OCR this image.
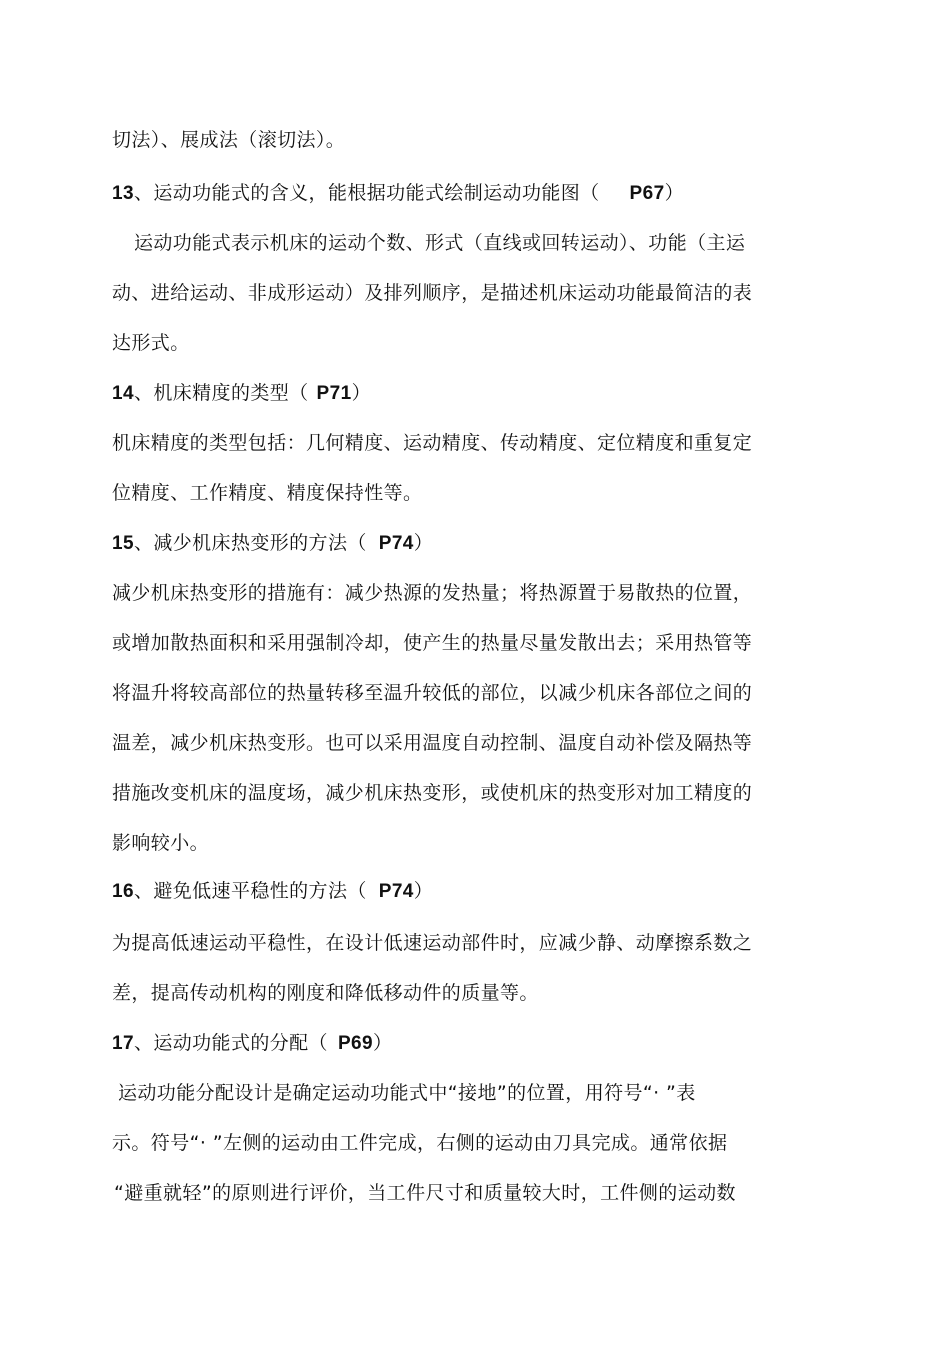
切法）、展成法（滚切法）。
13、运动功能式的含义，能根据功能式绘制运动功能图（ P67）
运动功能式表示机床的运动个数、形式（直线或回转运动）、功能（主运
动、进给运动、非成形运动）及排列顺序，是描述机床运动功能最简洁的表
达形式。
14、机床精度的类型（ P71）
机床精度的类型包括：几何精度、运动精度、传动精度、定位精度和重复定
位精度、工作精度、精度保持性等。
15、减少机床热变形的方法（ P74）
减少机床热变形的措施有：减少热源的发热量；将热源置于易散热的位置，
或增加散热面积和采用强制冷却，使产生的热量尽量发散出去；采用热管等
将温升将较高部位的热量转移至温升较低的部位，以减少机床各部位之间的
温差，减少机床热变形。也可以采用温度自动控制、温度自动补偿及隔热等
措施改变机床的温度场，减少机床热变形，或使机床的热变形对加工精度的
影响较小。
16、避免低速平稳性的方法（ P74）
为提高低速运动平稳性，在设计低速运动部件时，应减少静、动摩擦系数之
差，提高传动机构的刚度和降低移动件的质量等。
17、运动功能式的分配（ P69）
运动功能分配设计是确定运动功能式中“接地”的位置，用符号“· ”表
示。符号“· ”左侧的运动由工件完成，右侧的运动由刀具完成。通常依据
“避重就轻”的原则进行评价，当工件尺寸和质量较大时，工件侧的运动数
